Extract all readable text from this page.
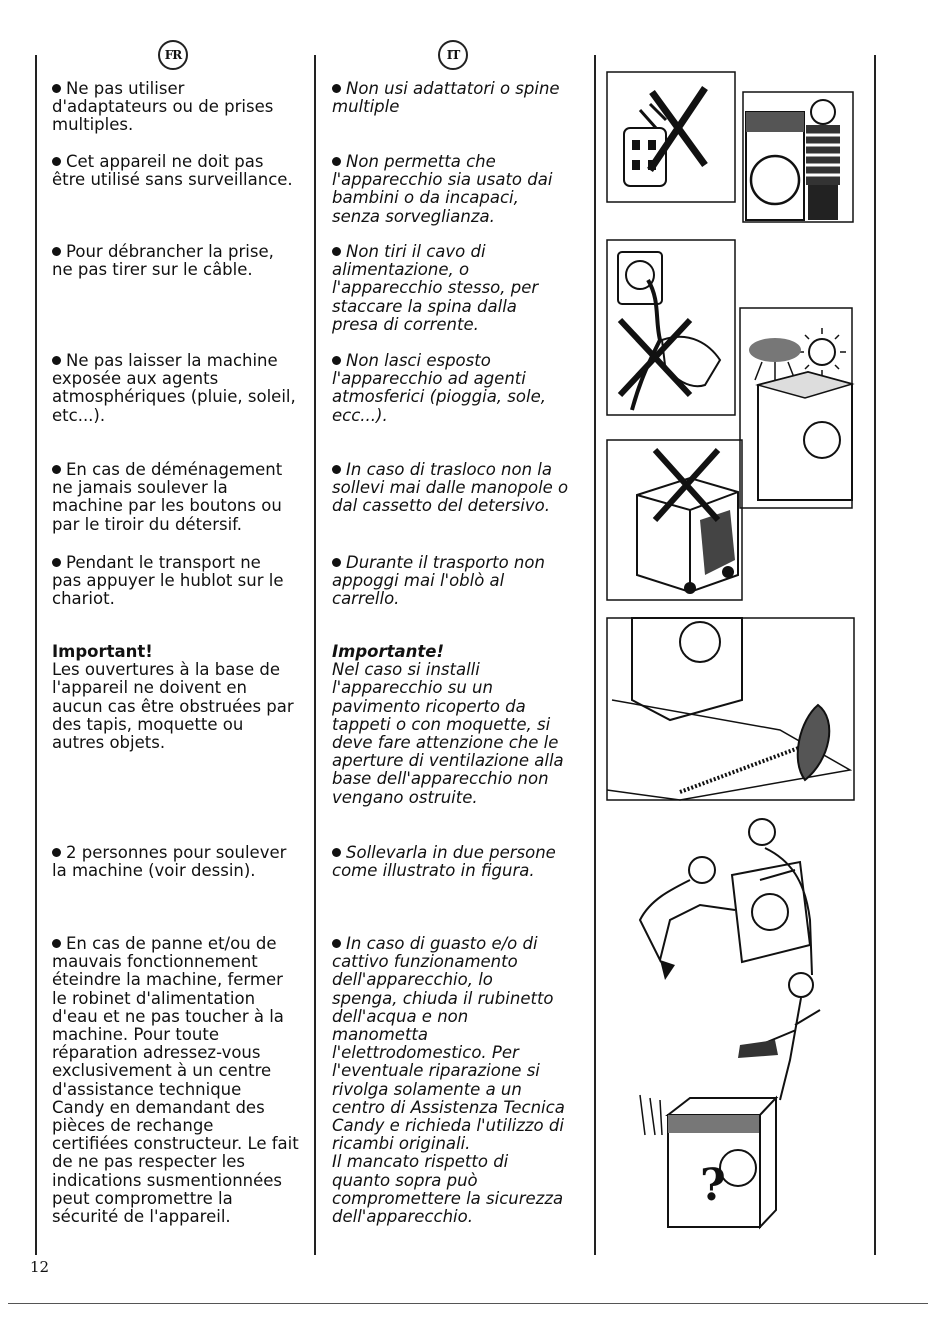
FR	IT
Ne pas utiliser
d'adaptateurs ou de prises
multiples.
Cet appareil ne doit pas
être utilisé sans surveillance.
Pour débrancher la prise,
ne pas tirer sur le câble.
Ne pas laisser la machine
exposée aux agents
atmosphériques (pluie, soleil,
etc...).
En cas de déménagement
ne jamais soulever la
machine par les boutons ou
par le tiroir du détersif.
Pendant le transport ne
pas appuyer le hublot sur le
chariot.
Important!
Les ouvertures à la base de
l'appareil ne doivent en
aucun cas être obstruées par
des tapis, moquette ou
autres objets.
2 personnes pour soulever
la machine (voir dessin).
En cas de panne et/ou de
mauvais fonctionnement
éteindre la machine, fermer
le robinet d'alimentation
d'eau et ne pas toucher à la
machine. Pour toute
réparation adressez-vous
exclusivement à un centre
d'assistance technique
Candy en demandant des
pièces de rechange
certifiées constructeur. Le fait
de ne pas respecter les
indications susmentionnées
peut compromettre la
sécurité de l'appareil.
Non usi adattatori o spine
multiple
Non permetta che
l'apparecchio sia usato dai
bambini o da incapaci,
senza sorveglianza.
Non tiri il cavo di
alimentazione, o
l'apparecchio stesso, per
staccare la spina dalla
presa di corrente.
Non lasci esposto
l'apparecchio ad agenti
atmosferici (pioggia, sole,
ecc...).
In caso di trasloco non la
sollevi mai dalle manopole o
dal cassetto del detersivo.
Durante il trasporto non
appoggi mai l'oblò al
carrello.
Importante!
Nel caso si installi
l'apparecchio su un
pavimento ricoperto da
tappeti o con moquette, si
deve fare attenzione che le
aperture di ventilazione alla
base dell'apparecchio non
vengano ostruite.
Sollevarla in due persone
come illustrato in figura.
In caso di guasto e/o di
cattivo funzionamento
dell'apparecchio, lo
spenga, chiuda il rubinetto
dell'acqua e non
manometta
l'elettrodomestico. Per
l'eventuale riparazione si
rivolga solamente a un
centro di Assistenza Tecnica
Candy e richieda l'utilizzo di
ricambi originali.
Il mancato rispetto di
quanto sopra può
compromettere la sicurezza
dell'apparecchio.
?
12
